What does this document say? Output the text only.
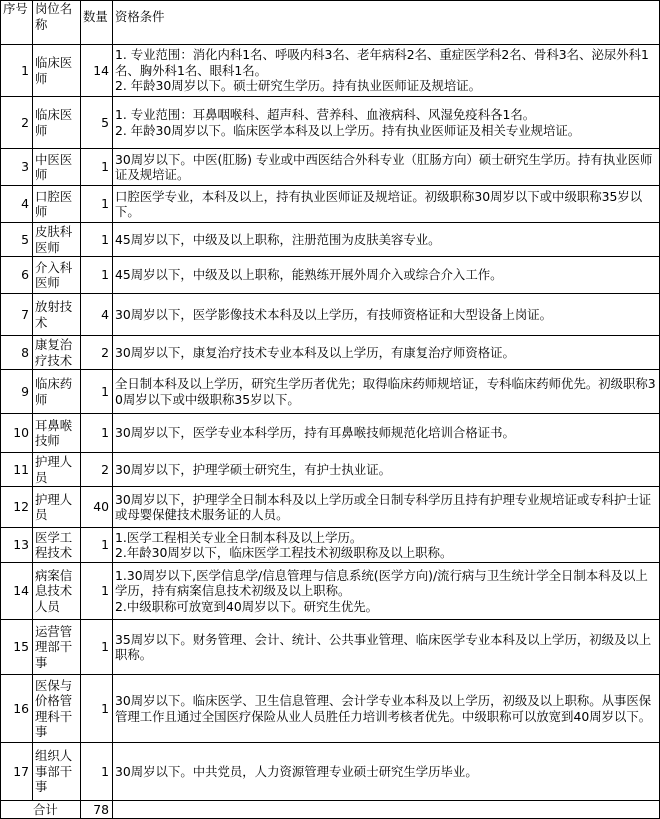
序号	岗位名称	数量	资格条件
1	临床医师	14	1. 专业范围：消化内科1名、呼吸内科3名、老年病科2名、重症医学科2名、骨科3名、泌尿外科1名、胸外科1名、眼科1名。
2. 年龄30周岁以下。硕士研究生学历。持有执业医师证及规培证。
2	临床医师	5	1. 专业范围：耳鼻咽喉科、超声科、营养科、血液病科、风湿免疫科各1名。
2. 年龄30周岁以下。临床医学本科及以上学历。持有执业医师证及相关专业规培证。
3	中医医师	1	30周岁以下。中医(肛肠) 专业或中西医结合外科专业（肛肠方向）硕士研究生学历。持有执业医师证及规培证。
4	口腔医师	1	口腔医学专业，本科及以上，持有执业医师证及规培证。初级职称30周岁以下或中级职称35岁以下。
5	皮肤科医师	1	45周岁以下，中级及以上职称，注册范围为皮肤美容专业。
6	介入科医师	1	45周岁以下，中级及以上职称，能熟练开展外周介入或综合介入工作。
7	放射技术	4	30周岁以下，医学影像技术本科及以上学历，有技师资格证和大型设备上岗证。
8	康复治疗技术	2	30周岁以下，康复治疗技术专业本科及以上学历，有康复治疗师资格证。
9	临床药师	1	全日制本科及以上学历，研究生学历者优先；取得临床药师规培证，专科临床药师优先。初级职称30周岁以下或中级职称35岁以下。
10	耳鼻喉技师	1	30周岁以下，医学专业本科学历，持有耳鼻喉技师规范化培训合格证书。
11	护理人员	2	30周岁以下，护理学硕士研究生，有护士执业证。
12	护理人员	40	30周岁以下，护理学全日制本科及以上学历或全日制专科学历且持有护理专业规培证或专科护士证或母婴保健技术服务证的人员。
13	医学工程技术	1	1.医学工程相关专业全日制本科及以上学历。
2.年龄30周岁以下，临床医学工程技术初级职称及以上职称。
14	病案信息技术人员	1	1.30周岁以下,医学信息学/信息管理与信息系统(医学方向)/流行病与卫生统计学全日制本科及以上学历，持有病案信息技术初级及以上职称。
2.中级职称可放宽到40周岁以下。研究生优先。
15	运营管理部干事	1	35周岁以下。财务管理、会计、统计、公共事业管理、临床医学专业本科及以上学历，初级及以上职称。
16	医保与价格管理科干事	1	30周岁以下。临床医学、卫生信息管理、会计学专业本科及以上学历，初级及以上职称。从事医保管理工作且通过全国医疗保险从业人员胜任力培训考核者优先。中级职称可以放宽到40周岁以下。
17	组织人事部干事	1	30周岁以下。中共党员，人力资源管理专业硕士研究生学历毕业。
合计		78	
